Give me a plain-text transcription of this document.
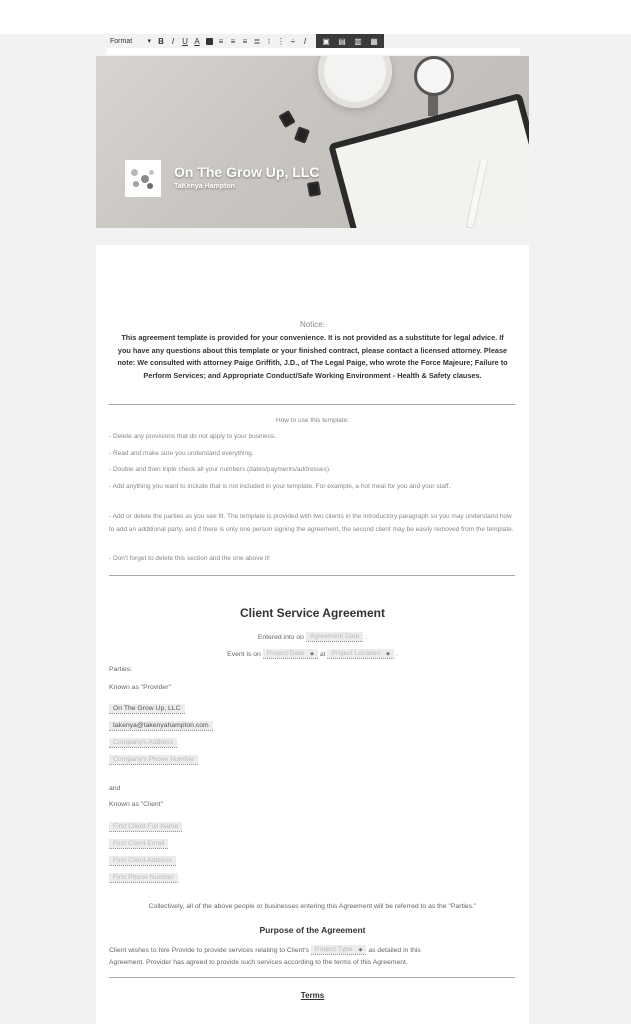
Format ▾ B I	U A	≡ ≡ ≡ ≣ ⁝ ⋮ ÷ I ▣ ▤ ▥ ▦
On The Grow Up, LLC
TaKenya Hampton
Notice:
This agreement template is provided for your convenience. It is not provided as a substitute for legal advice. If you have any questions about this template or your finished contract, please contact a licensed attorney. Please note: We consulted with attorney Paige Griffith, J.D., of The Legal Paige, who wrote the Force Majeure; Failure to Perform Services; and Appropriate Conduct/Safe Working Environment - Health & Safety clauses.
How to use this template:
- Delete any provisions that do not apply to your business.
- Read and make sure you understand everything.
- Double and then triple check all your numbers (dates/payments/addresses).
- Add anything you want to include that is not included in your template. For example, a hot meal for you and your staff.
- Add or delete the parties as you see fit. The template is provided with two clients in the introductory paragraph so you may understand how to add an additional party, and if there is only one person signing the agreement, the second client may be easily removed from the template.
- Don't forget to delete this section and the one above it!
Client Service Agreement
Entered into on Agreement Date .
Event is on Project Date ◆ at Project Location ◆ .
Parties:
Known as "Provider"
On The Grow Up, LLC
takenya@takenyahampton.com
Company's Address
Company's Phone Number
and
Known as "Client"
First Client Full Name
First Client Email
First Client Address
First Phone Number
Collectively, all of the above people or businesses entering this Agreement will be referred to as the "Parties."
Purpose of the Agreement
Client wishes to hire Provide to provide services relating to Client's Project Type ◆ as detailed in this
Agreement. Provider has agreed to provide such services according to the terms of this Agreement.
Terms
